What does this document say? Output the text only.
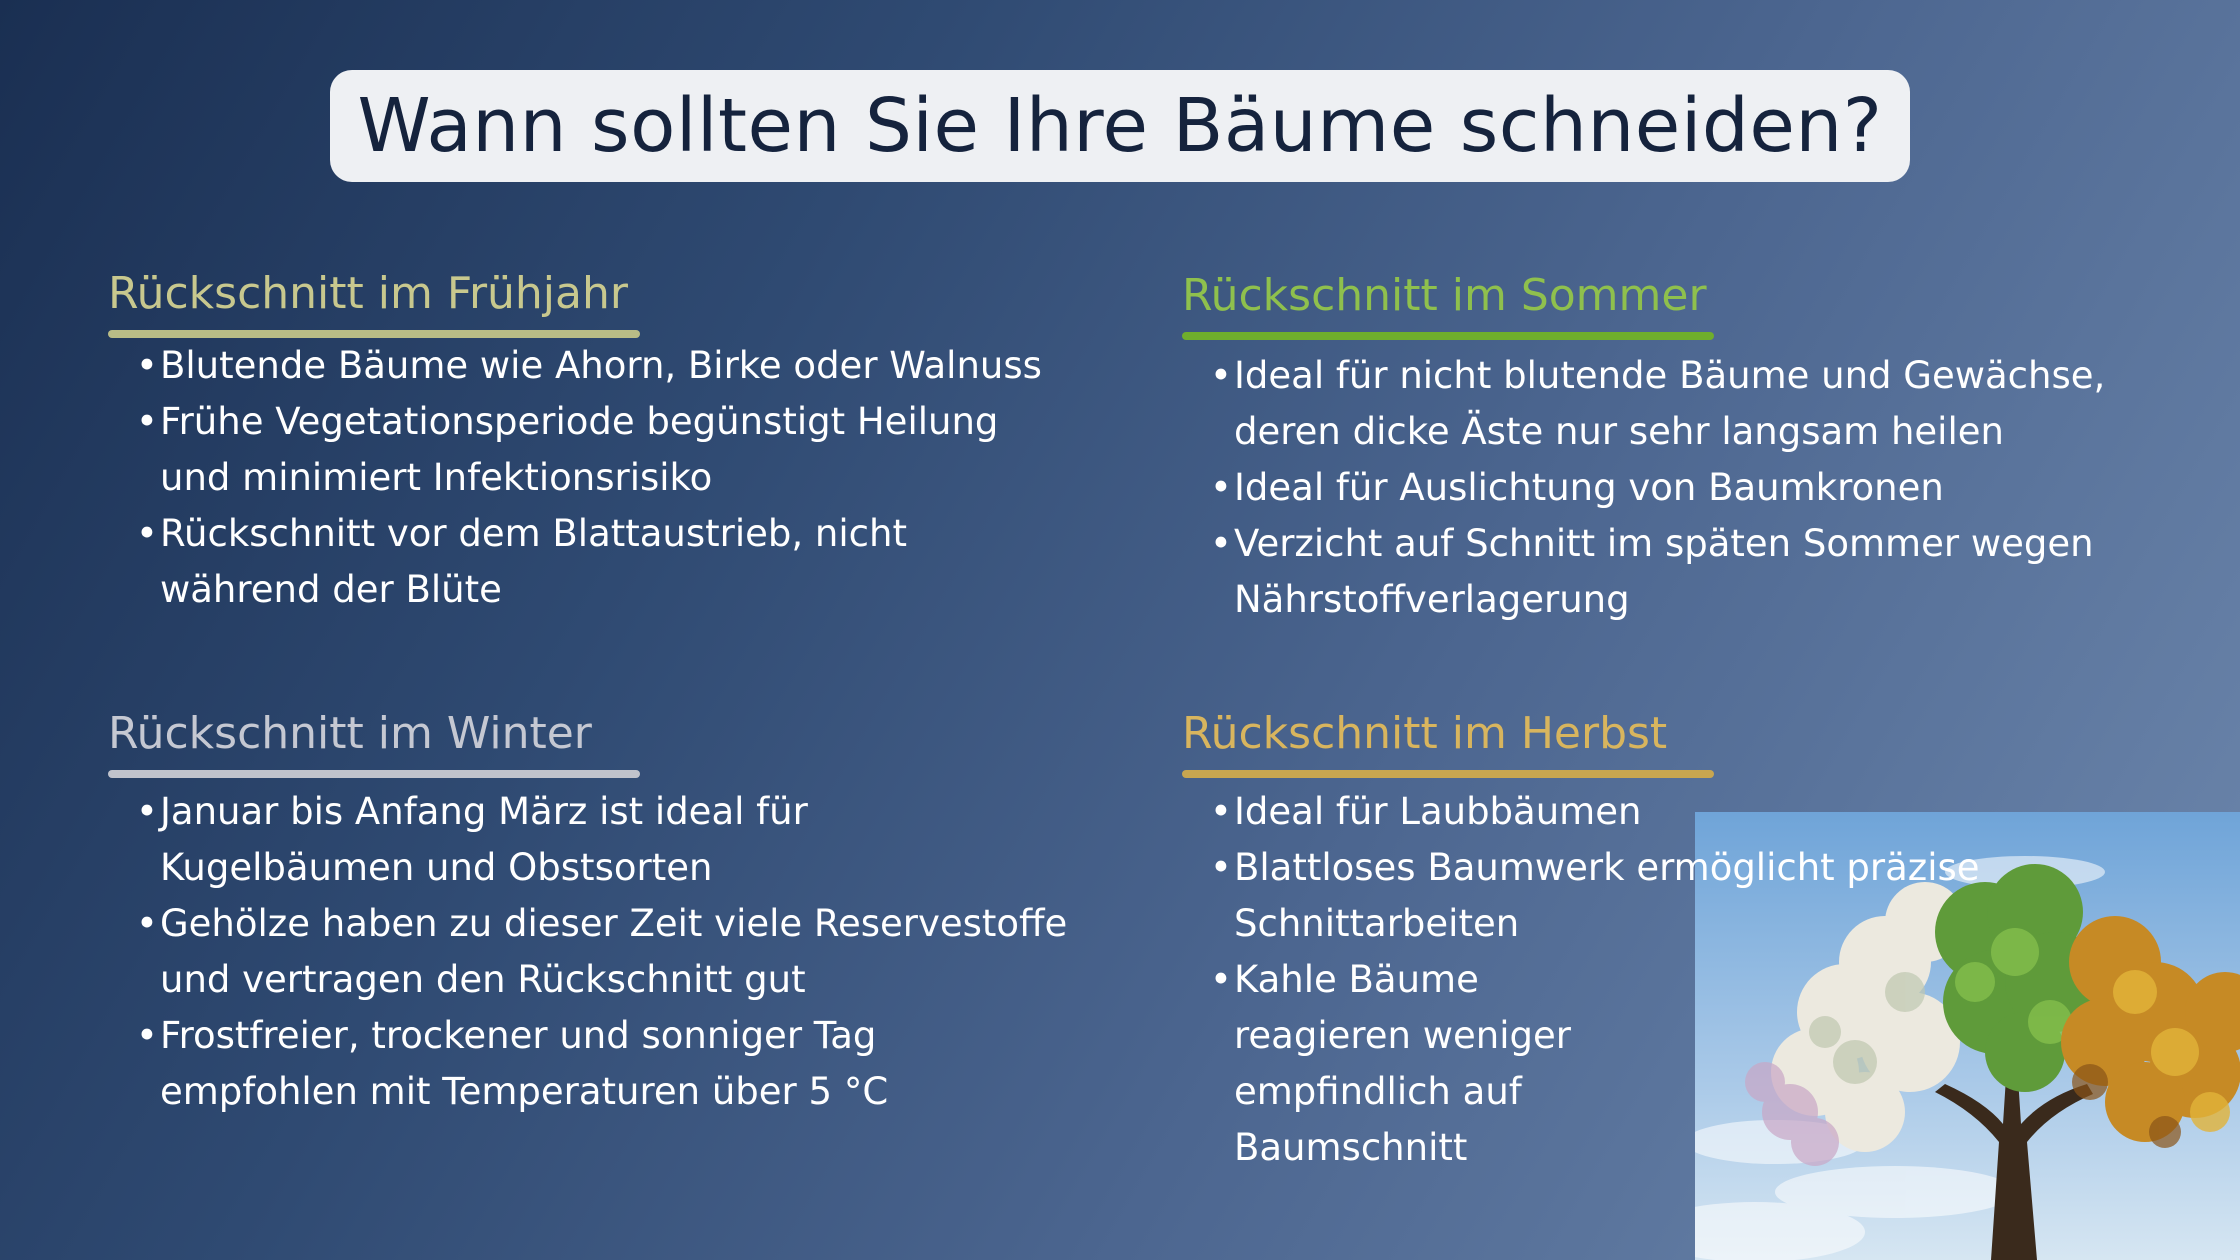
Wann sollten Sie Ihre Bäume schneiden?
Rückschnitt im Frühjahr
• Blutende Bäume wie Ahorn, Birke oder Walnuss
• Frühe Vegetationsperiode begünstigt Heilung und minimiert Infektionsrisiko
• Rückschnitt vor dem Blattaustrieb, nicht während der Blüte
Rückschnitt im Sommer
• Ideal für nicht blutende Bäume und Gewächse, deren dicke Äste nur sehr langsam heilen
• Ideal für Auslichtung von Baumkronen
• Verzicht auf Schnitt im späten Sommer wegen Nährstoffverlagerung
Rückschnitt im Winter
• Januar bis Anfang März ist ideal für Kugelbäumen und Obstsorten
• Gehölze haben zu dieser Zeit viele Reservestoffe und vertragen den Rückschnitt gut
• Frostfreier, trockener und sonniger Tag empfohlen mit Temperaturen über 5 °C
Rückschnitt im Herbst
• Ideal für Laubbäumen
• Blattloses Baumwerk ermöglicht präzise Schnittarbeiten
• Kahle Bäume reagieren weniger empfindlich auf Baumschnitt
